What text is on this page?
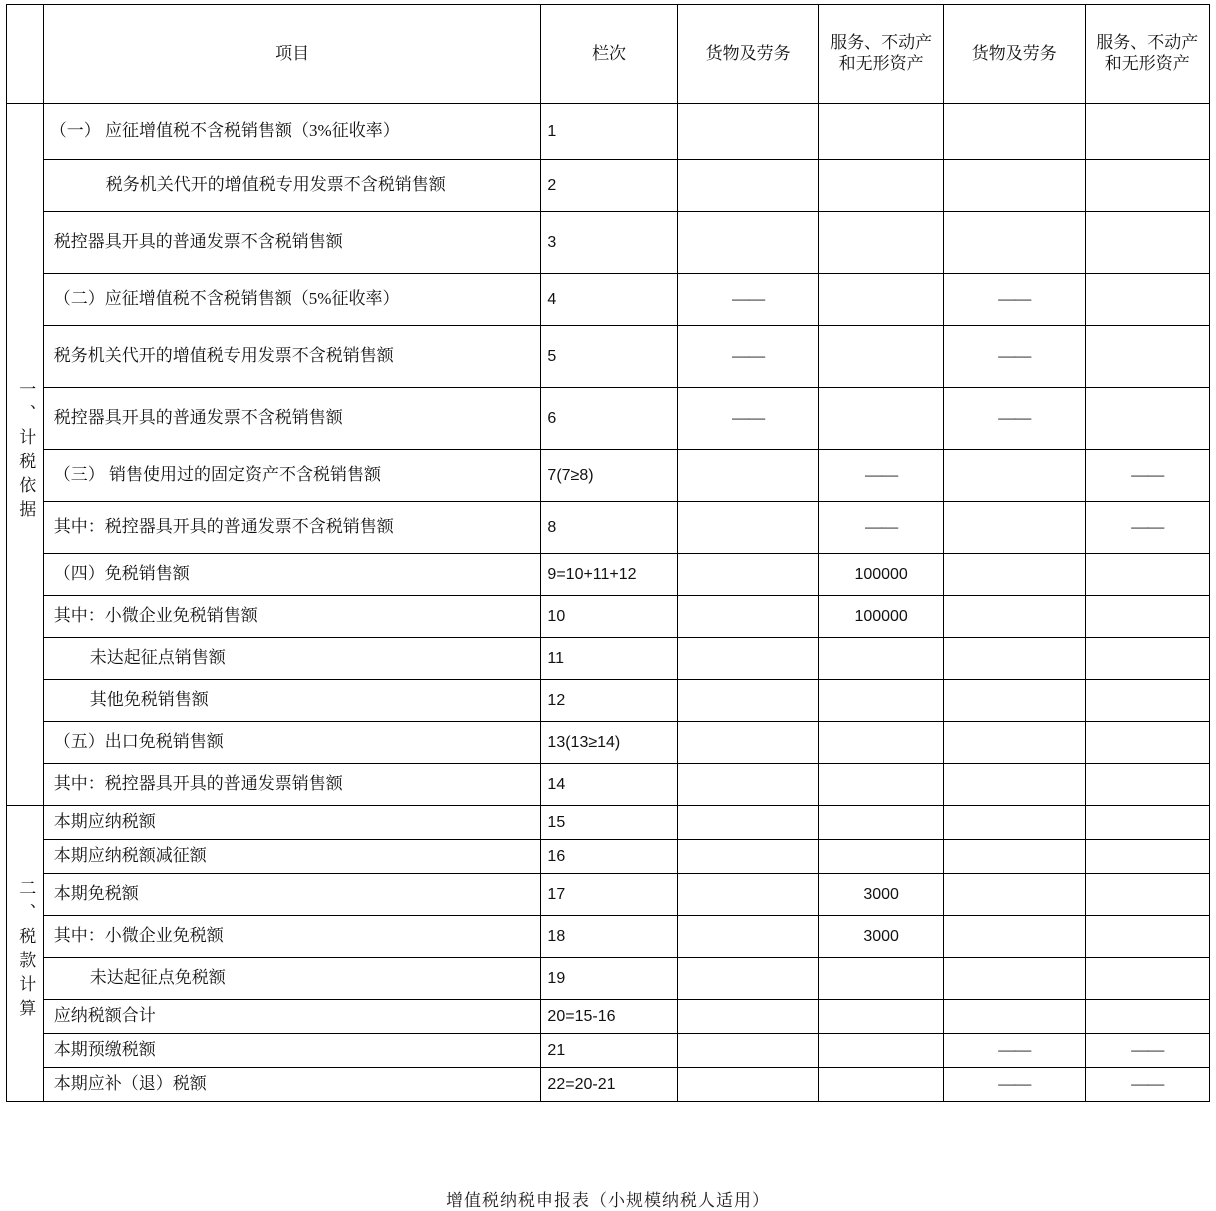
	项目	栏次	货物及劳务	服务、不动产和无形资产	货物及劳务	服务、不动产和无形资产
一、计税依据	（一） 应征增值税不含税销售额（3%征收率）	1				
	税务机关代开的增值税专用发票不含税销售额	2				
	税控器具开具的普通发票不含税销售额	3				
	（二）应征增值税不含税销售额（5%征收率）	4	——		——	
	税务机关代开的增值税专用发票不含税销售额	5	——		——	
	税控器具开具的普通发票不含税销售额	6	——		——	
	（三） 销售使用过的固定资产不含税销售额	7(7≥8)		——		——
	其中：税控器具开具的普通发票不含税销售额	8		——		——
	（四）免税销售额	9=10+11+12		100000		
	其中：小微企业免税销售额	10		100000		
	未达起征点销售额	11				
	其他免税销售额	12				
	（五）出口免税销售额	13(13≥14)				
	其中：税控器具开具的普通发票销售额	14				
二、税款计算	本期应纳税额	15				
	本期应纳税额减征额	16				
	本期免税额	17		3000		
	其中：小微企业免税额	18		3000		
	未达起征点免税额	19				
	应纳税额合计	20=15-16				
	本期预缴税额	21			——	——
	本期应补（退）税额	22=20-21			——	——
增值税纳税申报表（小规模纳税人适用）
